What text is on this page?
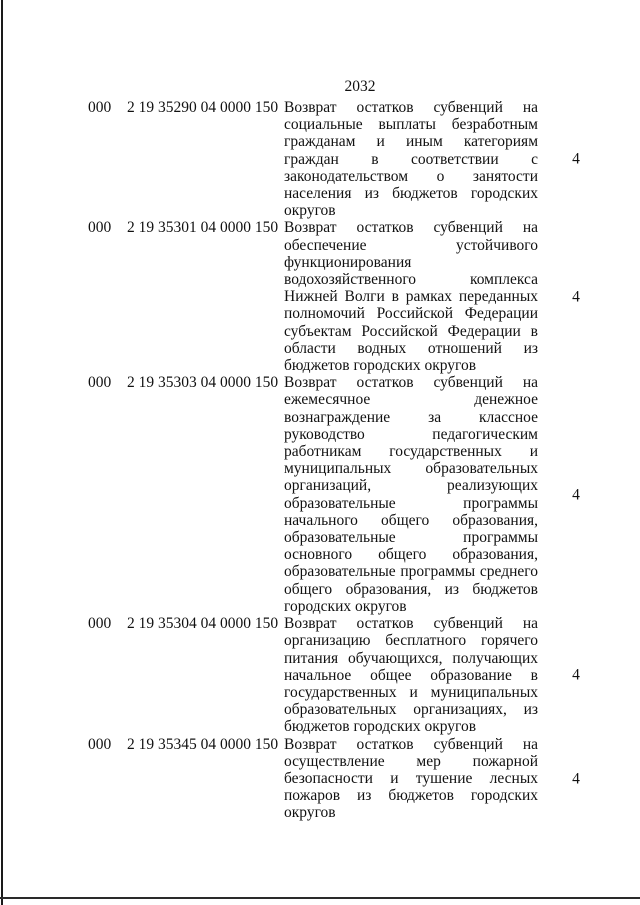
2032
000 2 19 35290 04 0000 150 Возврат остатков субвенций на социальные выплаты безработным гражданам и иным категориям граждан в соответствии с законодательством о занятости населения из бюджетов городских округов
4
000 2 19 35301 04 0000 150 Возврат остатков субвенций на обеспечение устойчивого функционирования водохозяйственного комплекса Нижней Волги в рамках переданных полномочий Российской Федерации субъектам Российской Федерации в области водных отношений из бюджетов городских округов
4
000 2 19 35303 04 0000 150 Возврат остатков субвенций на ежемесячное денежное вознаграждение за классное руководство педагогическим работникам государственных и муниципальных образовательных организаций, реализующих образовательные программы начального общего образования, образовательные программы основного общего образования, образовательные программы среднего общего образования, из бюджетов городских округов
4
000 2 19 35304 04 0000 150 Возврат остатков субвенций на организацию бесплатного горячего питания обучающихся, получающих начальное общее образование в государственных и муниципальных образовательных организациях, из бюджетов городских округов
4
000 2 19 35345 04 0000 150 Возврат остатков субвенций на осуществление мер пожарной безопасности и тушение лесных пожаров из бюджетов городских округов
4
